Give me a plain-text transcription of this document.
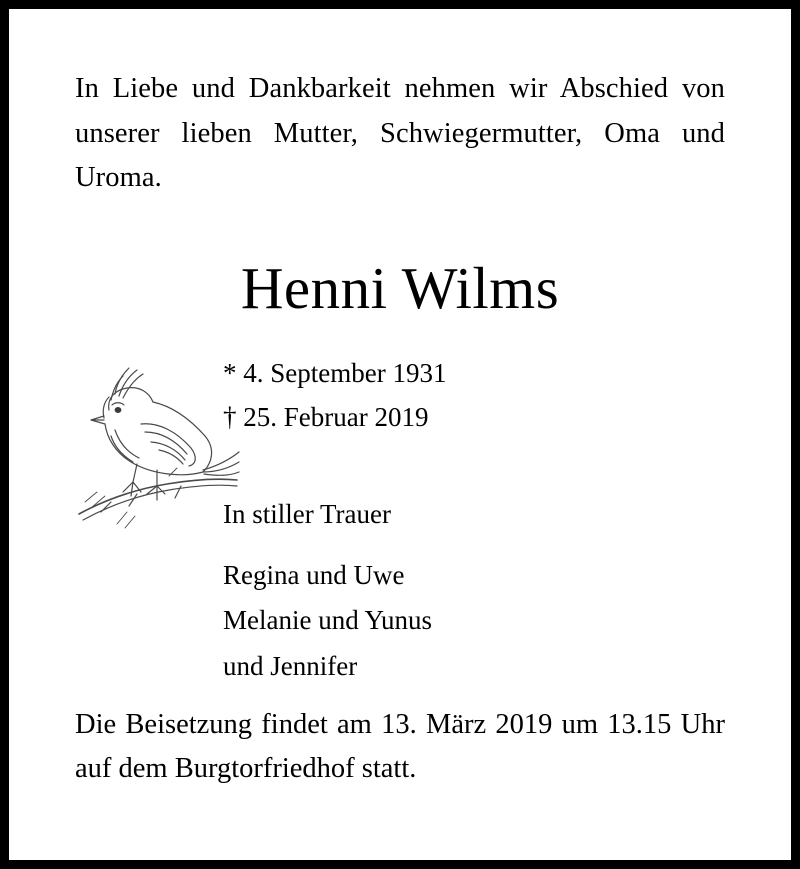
In Liebe und Dankbarkeit nehmen wir Abschied von unserer lieben Mutter, Schwiegermutter, Oma und Uroma.

Henni Wilms
* 4. September 1931
† 25. Februar 2019
In stiller Trauer
Regina und Uwe
Melanie und Yunus
und Jennifer

Die Beisetzung findet am 13. März 2019 um 13.15 Uhr auf dem Burgtorfriedhof statt.
